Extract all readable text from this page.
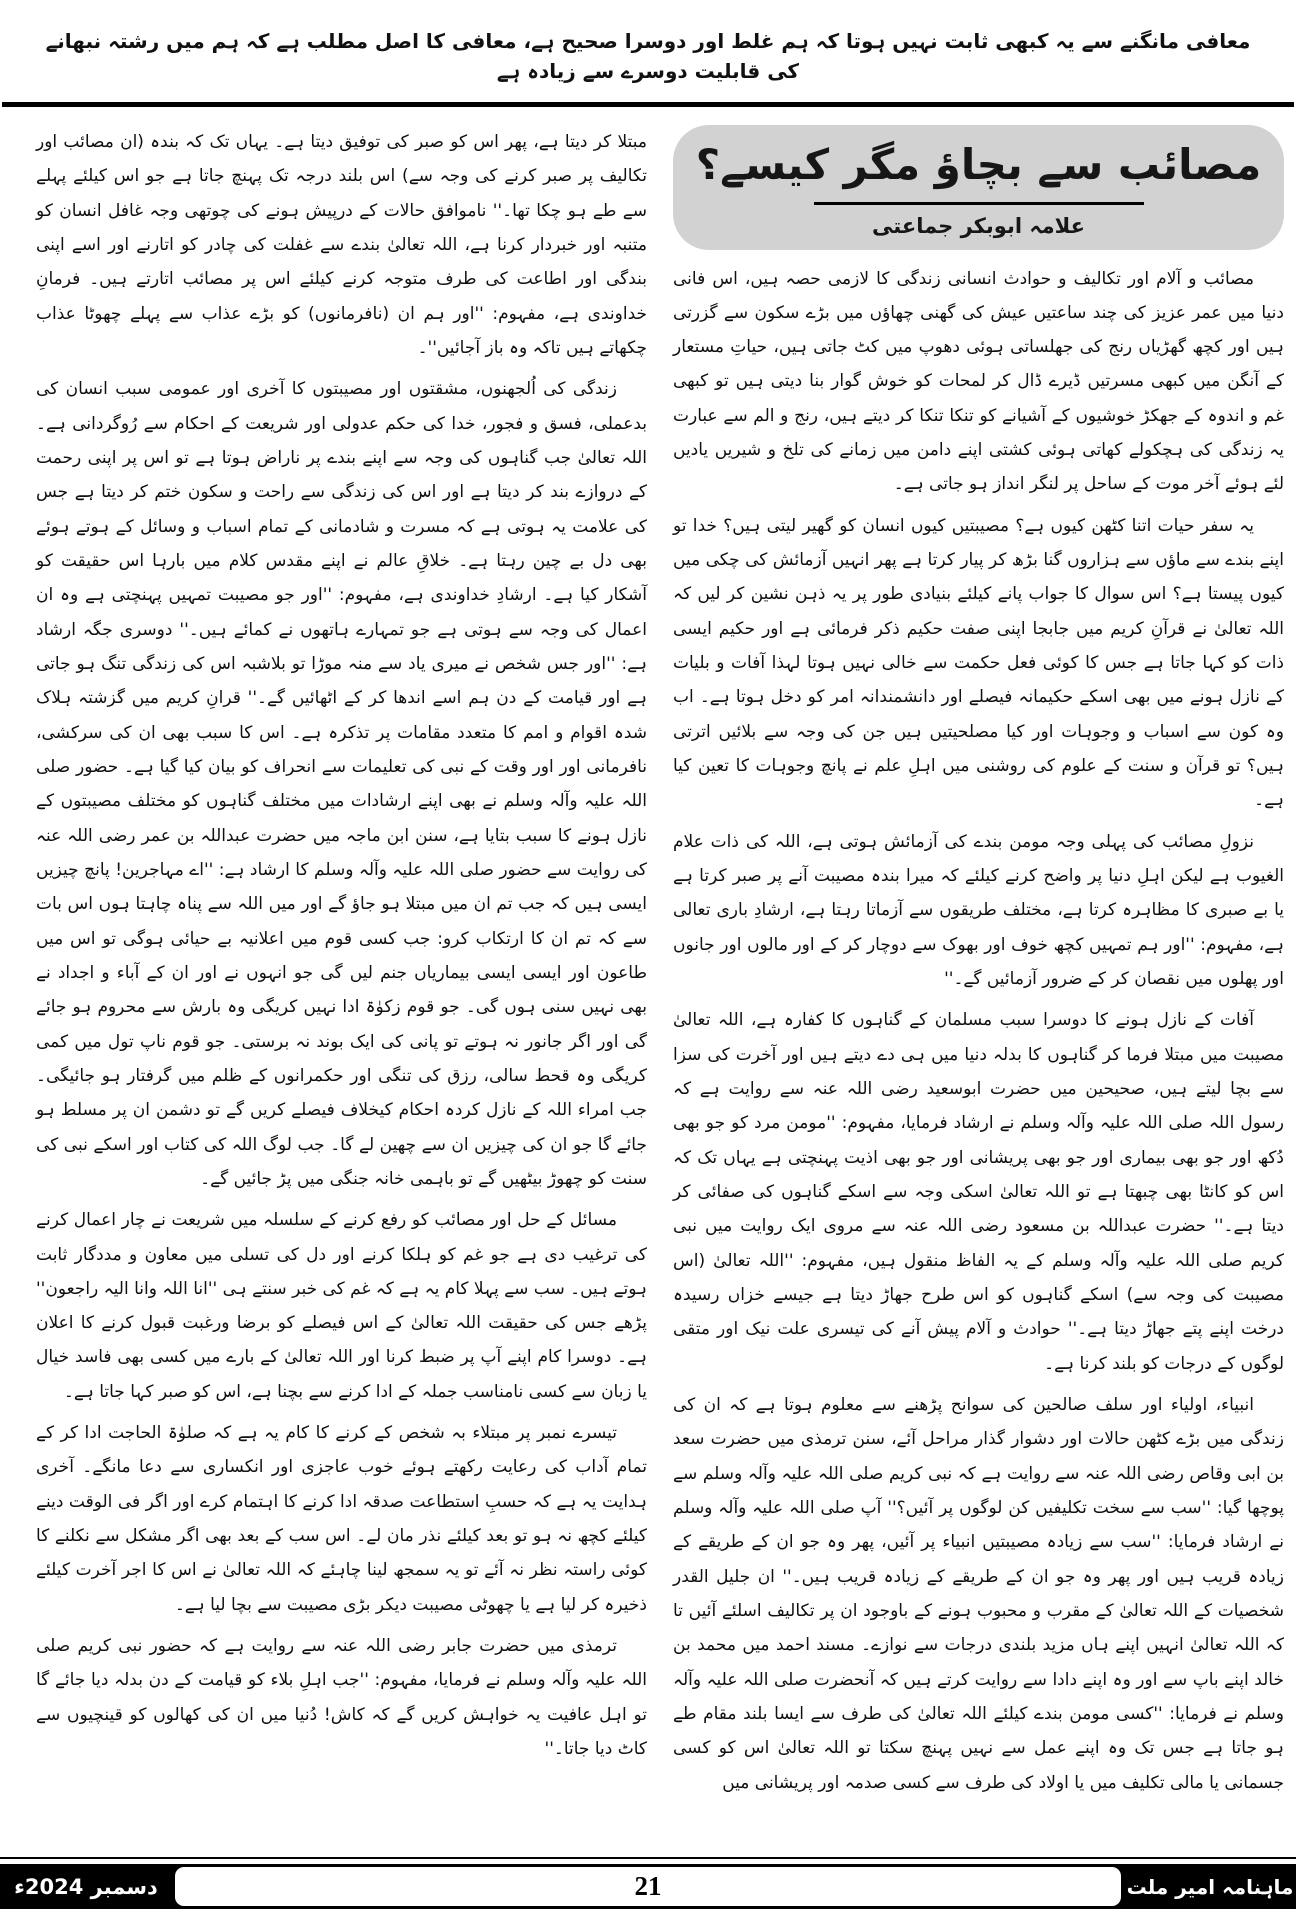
معافی مانگنے سے یہ کبھی ثابت نہیں ہوتا کہ ہم غلط اور دوسرا صحیح ہے، معافی کا اصل مطلب ہے کہ ہم میں رشتہ نبھانے کی قابلیت دوسرے سے زیادہ ہے
مصائب سے بچاؤ مگر کیسے؟
علامہ ابوبکر جماعتی

مصائب و آلام اور تکالیف و حوادث انسانی زندگی کا لازمی حصہ ہیں، اس فانی دنیا میں عمر عزیز کی چند ساعتیں عیش کی گھنی چھاؤں میں بڑے سکون سے گزرتی ہیں اور کچھ گھڑیاں رنج کی جھلساتی ہوئی دھوپ میں کٹ جاتی ہیں، حیاتِ مستعار کے آنگن میں کبھی مسرتیں ڈیرے ڈال کر لمحات کو خوش گوار بنا دیتی ہیں تو کبھی غم و اندوہ کے جھکڑ خوشیوں کے آشیانے کو تنکا تنکا کر دیتے ہیں، رنج و الم سے عبارت یہ زندگی کی ہچکولے کھاتی ہوئی کشتی اپنے دامن میں زمانے کی تلخ و شیریں یادیں لئے ہوئے آخر موت کے ساحل پر لنگر انداز ہو جاتی ہے۔

یہ سفر حیات اتنا کٹھن کیوں ہے؟ مصیبتیں کیوں انسان کو گھیر لیتی ہیں؟ خدا تو اپنے بندے سے ماؤں سے ہزاروں گنا بڑھ کر پیار کرتا ہے پھر انہیں آزمائش کی چکی میں کیوں پیستا ہے؟ اس سوال کا جواب پانے کیلئے بنیادی طور پر یہ ذہن نشین کر لیں کہ اللہ تعالیٰ نے قرآنِ کریم میں جابجا اپنی صفت حکیم ذکر فرمائی ہے اور حکیم ایسی ذات کو کہا جاتا ہے جس کا کوئی فعل حکمت سے خالی نہیں ہوتا لہذا آفات و بلیات کے نازل ہونے میں بھی اسکے حکیمانہ فیصلے اور دانشمندانہ امر کو دخل ہوتا ہے۔ اب وہ کون سے اسباب و وجوہات اور کیا مصلحیتیں ہیں جن کی وجہ سے بلائیں اترتی ہیں؟ تو قرآن و سنت کے علوم کی روشنی میں اہلِ علم نے پانچ وجوہات کا تعین کیا ہے۔

نزولِ مصائب کی پہلی وجہ مومن بندے کی آزمائش ہوتی ہے، اللہ کی ذات علام الغیوب ہے لیکن اہلِ دنیا پر واضح کرنے کیلئے کہ میرا بندہ مصیبت آنے پر صبر کرتا ہے یا بے صبری کا مظاہرہ کرتا ہے، مختلف طریقوں سے آزماتا رہتا ہے، ارشادِ باری تعالی ہے، مفہوم: ''اور ہم تمہیں کچھ خوف اور بھوک سے دوچار کر کے اور مالوں اور جانوں اور پھلوں میں نقصان کر کے ضرور آزمائیں گے۔''

آفات کے نازل ہونے کا دوسرا سبب مسلمان کے گناہوں کا کفارہ ہے، اللہ تعالیٰ مصیبت میں مبتلا فرما کر گناہوں کا بدلہ دنیا میں ہی دے دیتے ہیں اور آخرت کی سزا سے بچا لیتے ہیں، صحیحین میں حضرت ابوسعید رضی اللہ عنہ سے روایت ہے کہ رسول اللہ صلی اللہ علیہ وآلہ وسلم نے ارشاد فرمایا، مفہوم: ''مومن مرد کو جو بھی دُکھ اور جو بھی بیماری اور جو بھی پریشانی اور جو بھی اذیت پہنچتی ہے یہاں تک کہ اس کو کانٹا بھی چبھتا ہے تو اللہ تعالیٰ اسکی وجہ سے اسکے گناہوں کی صفائی کر دیتا ہے۔'' حضرت عبداللہ بن مسعود رضی اللہ عنہ سے مروی ایک روایت میں نبی کریم صلی اللہ علیہ وآلہ وسلم کے یہ الفاظ منقول ہیں، مفہوم: ''اللہ تعالیٰ (اس مصیبت کی وجہ سے) اسکے گناہوں کو اس طرح جھاڑ دیتا ہے جیسے خزاں رسیدہ درخت اپنے پتے جھاڑ دیتا ہے۔'' حوادث و آلام پیش آنے کی تیسری علت نیک اور متقی لوگوں کے درجات کو بلند کرنا ہے۔

انبیاء، اولیاء اور سلف صالحین کی سوانح پڑھنے سے معلوم ہوتا ہے کہ ان کی زندگی میں بڑے کٹھن حالات اور دشوار گذار مراحل آئے، سنن ترمذی میں حضرت سعد بن ابی وقاص رضی اللہ عنہ سے روایت ہے کہ نبی کریم صلی اللہ علیہ وآلہ وسلم سے پوچھا گیا: ''سب سے سخت تکلیفیں کن لوگوں پر آئیں؟'' آپ صلی اللہ علیہ وآلہ وسلم نے ارشاد فرمایا: ''سب سے زیادہ مصیبتیں انبیاء پر آئیں، پھر وہ جو ان کے طریقے کے زیادہ قریب ہیں اور پھر وہ جو ان کے طریقے کے زیادہ قریب ہیں۔'' ان جلیل القدر شخصیات کے اللہ تعالیٰ کے مقرب و محبوب ہونے کے باوجود ان پر تکالیف اسلئے آئیں تا کہ اللہ تعالیٰ انہیں اپنے ہاں مزید بلندی درجات سے نوازے۔ مسند احمد میں محمد بن خالد اپنے باپ سے اور وہ اپنے دادا سے روایت کرتے ہیں کہ آنحضرت صلی اللہ علیہ وآلہ وسلم نے فرمایا: ''کسی مومن بندے کیلئے اللہ تعالیٰ کی طرف سے ایسا بلند مقام طے ہو جاتا ہے جس تک وہ اپنے عمل سے نہیں پہنچ سکتا تو اللہ تعالیٰ اس کو کسی جسمانی یا مالی تکلیف میں یا اولاد کی طرف سے کسی صدمہ اور پریشانی میں

مبتلا کر دیتا ہے، پھر اس کو صبر کی توفیق دیتا ہے۔ یہاں تک کہ بندہ (ان مصائب اور تکالیف پر صبر کرنے کی وجہ سے) اس بلند درجہ تک پہنچ جاتا ہے جو اس کیلئے پہلے سے طے ہو چکا تھا۔'' ناموافق حالات کے درپیش ہونے کی چوتھی وجہ غافل انسان کو متنبہ اور خبردار کرنا ہے، اللہ تعالیٰ بندے سے غفلت کی چادر کو اتارنے اور اسے اپنی بندگی اور اطاعت کی طرف متوجہ کرنے کیلئے اس پر مصائب اتارتے ہیں۔ فرمانِ خداوندی ہے، مفہوم: ''اور ہم ان (نافرمانوں) کو بڑے عذاب سے پہلے چھوٹا عذاب چکھاتے ہیں تاکہ وہ باز آجائیں''۔

زندگی کی اُلجھنوں، مشقتوں اور مصیبتوں کا آخری اور عمومی سبب انسان کی بدعملی، فسق و فجور، خدا کی حکم عدولی اور شریعت کے احکام سے رُوگردانی ہے۔ اللہ تعالیٰ جب گناہوں کی وجہ سے اپنے بندے پر ناراض ہوتا ہے تو اس پر اپنی رحمت کے دروازے بند کر دیتا ہے اور اس کی زندگی سے راحت و سکون ختم کر دیتا ہے جس کی علامت یہ ہوتی ہے کہ مسرت و شادمانی کے تمام اسباب و وسائل کے ہوتے ہوئے بھی دل بے چین رہتا ہے۔ خلاقِ عالم نے اپنے مقدس کلام میں بارہا اس حقیقت کو آشکار کیا ہے۔ ارشادِ خداوندی ہے، مفہوم: ''اور جو مصیبت تمہیں پہنچتی ہے وہ ان اعمال کی وجہ سے ہوتی ہے جو تمہارے ہاتھوں نے کمائے ہیں۔'' دوسری جگہ ارشاد ہے: ''اور جس شخص نے میری یاد سے منہ موڑا تو بلاشبہ اس کی زندگی تنگ ہو جاتی ہے اور قیامت کے دن ہم اسے اندھا کر کے اٹھائیں گے۔'' قرانِ کریم میں گزشتہ ہلاک شدہ اقوام و امم کا متعدد مقامات پر تذکرہ ہے۔ اس کا سبب بھی ان کی سرکشی، نافرمانی اور اور وقت کے نبی کی تعلیمات سے انحراف کو بیان کیا گیا ہے۔ حضور صلی اللہ علیہ وآلہ وسلم نے بھی اپنے ارشادات میں مختلف گناہوں کو مختلف مصیبتوں کے نازل ہونے کا سبب بتایا ہے، سنن ابن ماجہ میں حضرت عبداللہ بن عمر رضی اللہ عنہ کی روایت سے حضور صلی اللہ علیہ وآلہ وسلم کا ارشاد ہے: ''اے مہاجرین! پانچ چیزیں ایسی ہیں کہ جب تم ان میں مبتلا ہو جاؤ گے اور میں اللہ سے پناہ چاہتا ہوں اس بات سے کہ تم ان کا ارتکاب کرو: جب کسی قوم میں اعلانیہ بے حیائی ہوگی تو اس میں طاعون اور ایسی ایسی بیماریاں جنم لیں گی جو انہوں نے اور ان کے آباء و اجداد نے بھی نہیں سنی ہوں گی۔ جو قوم زکوٰۃ ادا نہیں کریگی وہ بارش سے محروم ہو جائے گی اور اگر جانور نہ ہوتے تو پانی کی ایک بوند نہ برستی۔ جو قوم ناپ تول میں کمی کریگی وہ قحط سالی، رزق کی تنگی اور حکمرانوں کے ظلم میں گرفتار ہو جائیگی۔ جب امراء اللہ کے نازل کردہ احکام کیخلاف فیصلے کریں گے تو دشمن ان پر مسلط ہو جائے گا جو ان کی چیزیں ان سے چھین لے گا۔ جب لوگ اللہ کی کتاب اور اسکے نبی کی سنت کو چھوڑ بیٹھیں گے تو باہمی خانہ جنگی میں پڑ جائیں گے۔

مسائل کے حل اور مصائب کو رفع کرنے کے سلسلہ میں شریعت نے چار اعمال کرنے کی ترغیب دی ہے جو غم کو ہلکا کرنے اور دل کی تسلی میں معاون و مددگار ثابت ہوتے ہیں۔ سب سے پہلا کام یہ ہے کہ غم کی خبر سنتے ہی ''انا اللہ وانا الیہ راجعون'' پڑھے جس کی حقیقت اللہ تعالیٰ کے اس فیصلے کو برضا ورغبت قبول کرنے کا اعلان ہے۔ دوسرا کام اپنے آپ پر ضبط کرنا اور اللہ تعالیٰ کے بارے میں کسی بھی فاسد خیال یا زبان سے کسی نامناسب جملہ کے ادا کرنے سے بچنا ہے، اس کو صبر کہا جاتا ہے۔

تیسرے نمبر پر مبتلاء بہ شخص کے کرنے کا کام یہ ہے کہ صلوٰۃ الحاجت ادا کر کے تمام آداب کی رعایت رکھتے ہوئے خوب عاجزی اور انکساری سے دعا مانگے۔ آخری ہدایت یہ ہے کہ حسبِ استطاعت صدقہ ادا کرنے کا اہتمام کرے اور اگر فی الوقت دینے کیلئے کچھ نہ ہو تو بعد کیلئے نذر مان لے۔ اس سب کے بعد بھی اگر مشکل سے نکلنے کا کوئی راستہ نظر نہ آئے تو یہ سمجھ لینا چاہئے کہ اللہ تعالیٰ نے اس کا اجر آخرت کیلئے ذخیرہ کر لیا ہے یا چھوٹی مصیبت دیکر بڑی مصیبت سے بچا لیا ہے۔

ترمذی میں حضرت جابر رضی اللہ عنہ سے روایت ہے کہ حضور نبی کریم صلی اللہ علیہ وآلہ وسلم نے فرمایا، مفہوم: ''جب اہلِ بلاء کو قیامت کے دن بدلہ دیا جائے گا تو اہل عافیت یہ خواہش کریں گے کہ کاش! دُنیا میں ان کی کھالوں کو قینچیوں سے کاٹ دیا جاتا۔''

ماہنامہ امیر ملت
21
دسمبر 2024ء
